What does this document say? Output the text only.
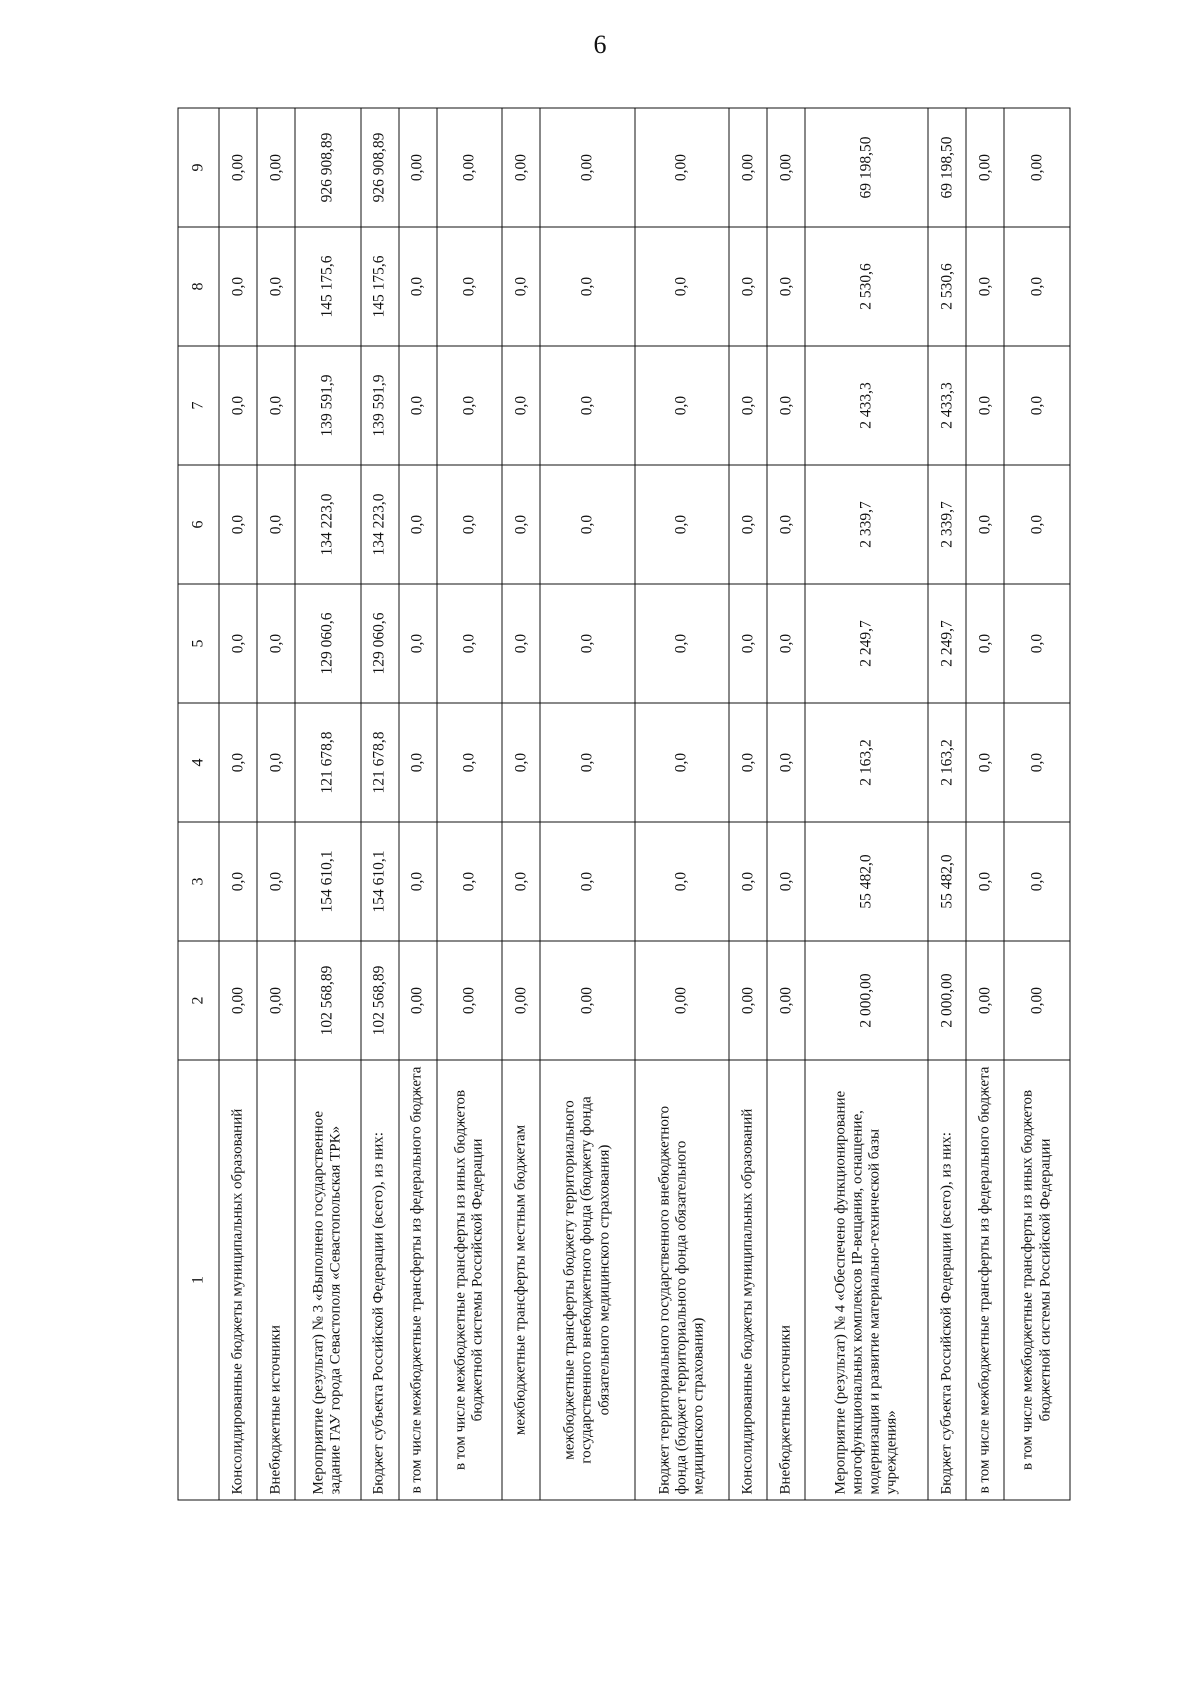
6
1	2	3	4	5	6	7	8	9
Консолидированные бюджеты муниципальных образований	0,00	0,0	0,0	0,0	0,0	0,0	0,0	0,00
Внебюджетные источники	0,00	0,0	0,0	0,0	0,0	0,0	0,0	0,00
Мероприятие (результат) № 3 «Выполнено государственное задание ГАУ города Севастополя «Севастопольская ТРК»	102 568,89	154 610,1	121 678,8	129 060,6	134 223,0	139 591,9	145 175,6	926 908,89
Бюджет субъекта Российской Федерации (всего), из них:	102 568,89	154 610,1	121 678,8	129 060,6	134 223,0	139 591,9	145 175,6	926 908,89
в том числе межбюджетные трансферты из федерального бюджета	0,00	0,0	0,0	0,0	0,0	0,0	0,0	0,00
в том числе межбюджетные трансферты из иных бюджетов бюджетной системы Российской Федерации	0,00	0,0	0,0	0,0	0,0	0,0	0,0	0,00
межбюджетные трансферты местным бюджетам	0,00	0,0	0,0	0,0	0,0	0,0	0,0	0,00
межбюджетные трансферты бюджету территориального государственного внебюджетного фонда (бюджету фонда обязательного медицинского страхования)	0,00	0,0	0,0	0,0	0,0	0,0	0,0	0,00
Бюджет территориального государственного внебюджетного фонда (бюджет территориального фонда обязательного медицинского страхования)	0,00	0,0	0,0	0,0	0,0	0,0	0,0	0,00
Консолидированные бюджеты муниципальных образований	0,00	0,0	0,0	0,0	0,0	0,0	0,0	0,00
Внебюджетные источники	0,00	0,0	0,0	0,0	0,0	0,0	0,0	0,00
Мероприятие (результат) № 4 «Обеспечено функционирование многофункциональных комплексов IP-вещания, оснащение, модернизация и развитие материально-технической базы учреждения»	2 000,00	55 482,0	2 163,2	2 249,7	2 339,7	2 433,3	2 530,6	69 198,50
Бюджет субъекта Российской Федерации (всего), из них:	2 000,00	55 482,0	2 163,2	2 249,7	2 339,7	2 433,3	2 530,6	69 198,50
в том числе межбюджетные трансферты из федерального бюджета	0,00	0,0	0,0	0,0	0,0	0,0	0,0	0,00
в том числе межбюджетные трансферты из иных бюджетов бюджетной системы Российской Федерации	0,00	0,0	0,0	0,0	0,0	0,0	0,0	0,00
